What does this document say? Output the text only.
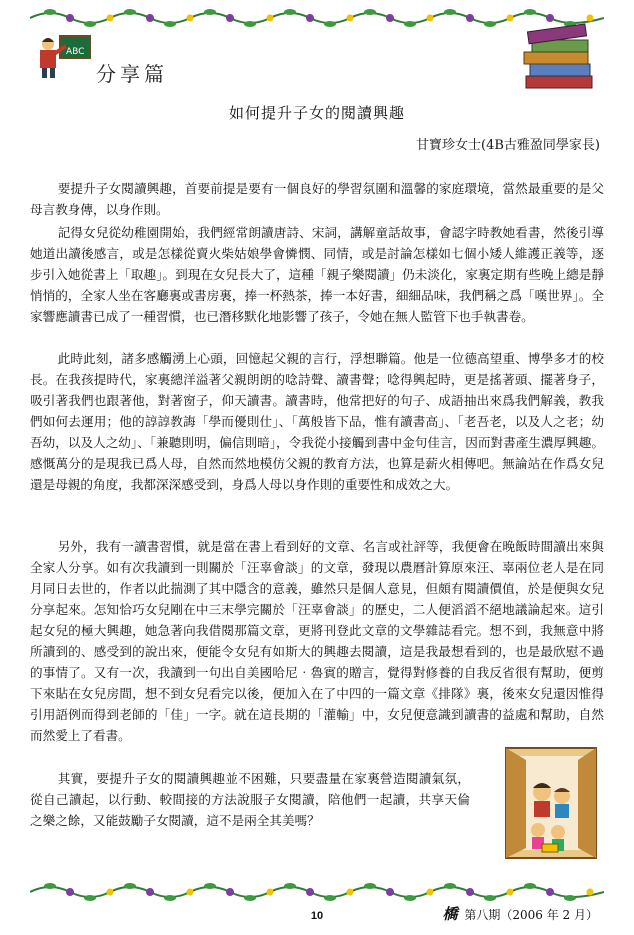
ABC
分享篇
如何提升子女的閱讀興趣
甘寶珍女士(4B古雅盈同學家長)

要提升子女閱讀興趣，首要前提是要有一個良好的學習氛圍和溫馨的家庭環境，當然最重要的是父母言教身傳，以身作則。

記得女兒從幼稚園開始，我們經常朗讀唐詩、宋詞，講解童話故事，會認字時教她看書，然後引導她道出讀後感言，或是怎樣從賣火柴姑娘學會憐憫、同情，或是討論怎樣如七個小矮人維護正義等，逐步引入她從書上「取趣」。到現在女兒長大了，這種「親子樂閱讀」仍未淡化，家裏定期有些晚上總是靜悄悄的，全家人坐在客廳裏或書房裏，捧一杯熱茶，捧一本好書，細細品味，我們稱之爲「嘆世界」。全家響應讀書已成了一種習慣，也已潛移默化地影響了孩子，令她在無人監管下也手執書卷。

此時此刻，諸多感觸湧上心頭，回憶起父親的言行，浮想聯篇。他是一位德高望重、博學多才的校長。在我孩提時代，家裏總洋溢著父親朗朗的唸詩聲、讀書聲；唸得興起時，更是搖著頭、擺著身子，吸引著我們也跟著他，對著窗子，仰天讀書。讀書時，他常把好的句子、成語抽出來爲我們解義，教我們如何去運用；他的諄諄教誨「學而優則仕」、「萬般皆下品，惟有讀書高」、「老吾老，以及人之老；幼吾幼，以及人之幼」、「兼聽則明，偏信則暗」，令我從小接觸到書中金句佳言，因而對書產生濃厚興趣。感慨萬分的是現我已爲人母，自然而然地模仿父親的教育方法，也算是薪火相傳吧。無論站在作爲女兒還是母親的角度，我都深深感受到，身爲人母以身作則的重要性和成效之大。

另外，我有一讀書習慣，就是當在書上看到好的文章、名言或社評等，我便會在晚飯時間讀出來與全家人分享。如有次我讀到一則關於「汪辜會談」的文章，發現以農曆計算原來汪、辜兩位老人是在同月同日去世的，作者以此揣測了其中隱含的意義，雖然只是個人意見，但頗有閱讀價值，於是便與女兒分享起來。怎知恰巧女兒剛在中三末學完關於「汪辜會談」的歷史，二人便滔滔不絕地議論起來。這引起女兒的極大興趣，她急著向我借閱那篇文章，更將刊登此文章的文學雜誌看完。想不到，我無意中將所讀到的、感受到的說出來，便能令女兒有如斯大的興趣去閱讀，這是我最想看到的，也是最欣慰不過的事情了。又有一次，我讀到一句出自美國哈尼‧魯賓的贈言，覺得對修養的自我反省很有幫助，便剪下來貼在女兒房間，想不到女兒看完以後，便加入在了中四的一篇文章《排隊》裏，後來女兒還因惟得引用語例而得到老師的「佳」一字。就在這長期的「灌輸」中，女兒便意識到讀書的益處和幫助，自然而然愛上了看書。

其實，要提升子女的閱讀興趣並不困難，只要盡量在家裏營造閱讀氣氛，從自己讀起，以行動、較間接的方法說服子女閱讀，陪他們一起讀，共享天倫之樂之餘，又能鼓勵子女閱讀，這不是兩全其美嗎？

10	橋 第八期（2006 年 2 月）
